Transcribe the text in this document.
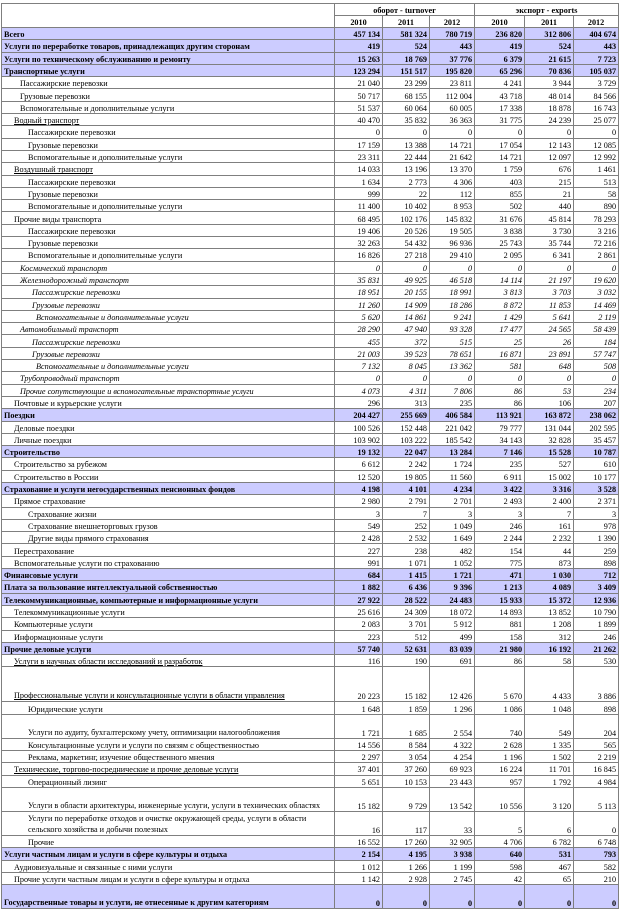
	оборот - turnover			экспорт - exports		
	2010	2011	2012	2010	2011	2012
Всего	457 134	581 324	780 719	236 820	312 806	404 674
Услуги по переработке товаров, принадлежащих другим сторонам	419	524	443	419	524	443
Услуги по техническому обслуживанию и ремонту	15 263	18 769	37 776	6 379	21 615	7 723
Транспортные услуги	123 294	151 517	195 820	65 296	70 836	105 037
Пассажирские перевозки	21 040	23 299	23 811	4 241	3 944	3 729
Грузовые перевозки	50 717	68 155	112 004	43 718	48 014	84 566
Вспомогательные и дополнительные услуги	51 537	60 064	60 005	17 338	18 878	16 743
Водный транспорт	40 470	35 832	36 363	31 775	24 239	25 077
Пассажирские перевозки	0	0	0	0	0	0
Грузовые перевозки	17 159	13 388	14 721	17 054	12 143	12 085
Вспомогательные и дополнительные услуги	23 311	22 444	21 642	14 721	12 097	12 992
Воздушный транспорт	14 033	13 196	13 370	1 759	676	1 461
Пассажирские перевозки	1 634	2 773	4 306	403	215	513
Грузовые перевозки	999	22	112	855	21	58
Вспомогательные и дополнительные услуги	11 400	10 402	8 953	502	440	890
Прочие виды транспорта	68 495	102 176	145 832	31 676	45 814	78 293
Пассажирские перевозки	19 406	20 526	19 505	3 838	3 730	3 216
Грузовые перевозки	32 263	54 432	96 936	25 743	35 744	72 216
Вспомогательные и дополнительные услуги	16 826	27 218	29 410	2 095	6 341	2 861
Космический транспорт	0	0	0	0	0	0
Железнодорожный транспорт	35 831	49 925	46 518	14 114	21 197	19 620
Пассажирские перевозки	18 951	20 155	18 991	3 813	3 703	3 032
Грузовые перевозки	11 260	14 909	18 286	8 872	11 853	14 469
Вспомогательные и дополнительные услуги	5 620	14 861	9 241	1 429	5 641	2 119
Автомобильный транспорт	28 290	47 940	93 328	17 477	24 565	58 439
Пассажирские перевозки	455	372	515	25	26	184
Грузовые перевозки	21 003	39 523	78 651	16 871	23 891	57 747
Вспомогательные и дополнительные услуги	7 132	8 045	13 362	581	648	508
Трубопроводный транспорт	0	0	0	0	0	0
Прочие сопутствующие и вспомогательные транспортные услуги	4 073	4 311	7 806	86	53	234
Почтовые и курьерские услуги	296	313	235	86	106	207
Поездки	204 427	255 669	406 584	113 921	163 872	238 062
Деловые поездки	100 526	152 448	221 042	79 777	131 044	202 595
Личные поездки	103 902	103 222	185 542	34 143	32 828	35 457
Строительство	19 132	22 047	13 284	7 146	15 528	10 787
Строительство за рубежом	6 612	2 242	1 724	235	527	610
Строительство в России	12 520	19 805	11 560	6 911	15 002	10 177
Страхование и услуги негосударственных пенсионных фондов	4 198	4 101	4 234	3 422	3 316	3 528
Прямое страхование	2 980	2 791	2 701	2 493	2 400	2 371
Страхование жизни	3	7	3	3	7	3
Страхование внешнеторговых грузов	549	252	1 049	246	161	978
Другие виды прямого страхования	2 428	2 532	1 649	2 244	2 232	1 390
Перестрахование	227	238	482	154	44	259
Вспомогательные услуги по страхованию	991	1 071	1 052	775	873	898
Финансовые услуги	684	1 415	1 721	471	1 030	712
Плата за пользование интеллектуальной собственностью	1 882	6 436	9 396	1 213	4 089	3 409
Телекоммуникационные, компьютерные и информационные услуги	27 922	28 522	24 483	15 933	15 372	12 936
Телекоммуникационные услуги	25 616	24 309	18 072	14 893	13 852	10 790
Компьютерные услуги	2 083	3 701	5 912	881	1 208	1 899
Информационные услуги	223	512	499	158	312	246
Прочие деловые услуги	57 740	52 631	83 039	21 980	16 192	21 262
Услуги в научных области исследований и разработок	116	190	691	86	58	530
Профессиональные услуги и консультационные услуги в области управления	20 223	15 182	12 426	5 670	4 433	3 886
Юридические услуги	1 648	1 859	1 296	1 086	1 048	898
Услуги по аудиту, бухгалтерскому учету, оптимизации налогообложения	1 721	1 685	2 554	740	549	204
Консультационные услуги и услуги по связям с общественностью	14 556	8 584	4 322	2 628	1 335	565
Реклама, маркетинг, изучение общественного мнения	2 297	3 054	4 254	1 196	1 502	2 219
Технические, торгово-посреднические и прочие деловые услуги	37 401	37 260	69 923	16 224	11 701	16 845
Операционный лизинг	5 651	10 153	23 443	957	1 792	4 984
Услуги в области архитектуры, инженерные услуги, услуги в технических областях	15 182	9 729	13 542	10 556	3 120	5 113
Услуги по переработке отходов и очистке окружающей среды, услуги в области сельского хозяйства и добычи полезных	16	117	33	5	6	0
Прочие	16 552	17 260	32 905	4 706	6 782	6 748
Услуги частным лицам и услуги в сфере культуры и отдыха	2 154	4 195	3 938	640	531	793
Аудиовизуальные и связанные с ними услуги	1 012	1 266	1 199	598	467	582
Прочие услуги частным лицам и услуги в сфере культуры и отдыха	1 142	2 928	2 745	42	65	210
Государственные товары и услуги, не отнесенные к другим категориям	0	0	0	0	0	0
